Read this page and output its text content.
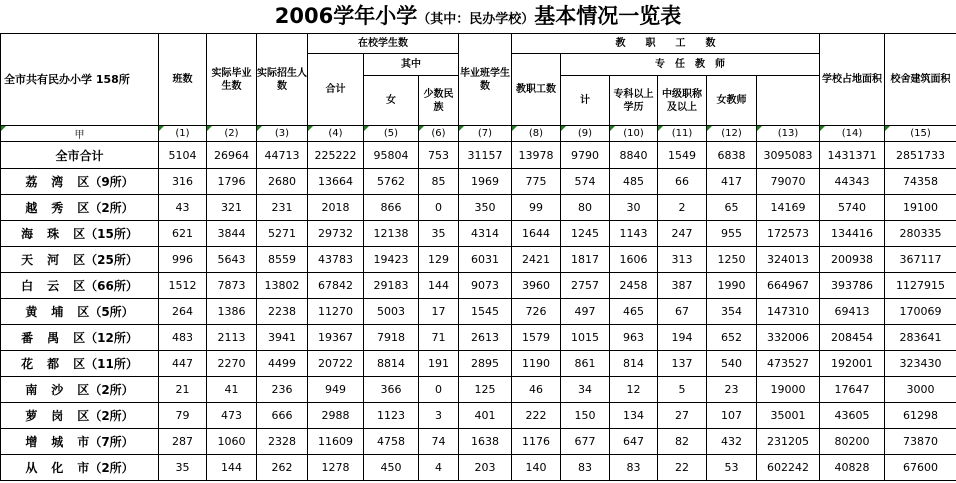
2006学年小学（其中：民办学校）基本情况一览表
全市共有民办小学 158所	班数	实际毕业生数	实际招生人数	在校学生数			毕业班学生数	教　　职　　工　　数						学校占地面积	校舍建筑面积	
				合计	其中			教职工数	专　任　教　师							
					女	少数民族			计	专科以上学历	中级职称及以上	女教师				
甲	(1)	(2)	(3)	(4)	(5)	(6)	(7)	(8)	(9)	(10)	(11)	(12)	(13)	(14)	(15)	
全市合计	5104	26964	44713	225222	95804	753	31157	13978	9790	8840	1549	6838	3095083	1431371	2851733	
荔湾区（9所）	316	1796	2680	13664	5762	85	1969	775	574	485	66	417	79070	44343	74358	
越秀区（2所）	43	321	231	2018	866	0	350	99	80	30	2	65	14169	5740	19100	
海珠区（15所）	621	3844	5271	29732	12138	35	4314	1644	1245	1143	247	955	172573	134416	280335	
天河区（25所）	996	5643	8559	43783	19423	129	6031	2421	1817	1606	313	1250	324013	200938	367117	
白云区（66所）	1512	7873	13802	67842	29183	144	9073	3960	2757	2458	387	1990	664967	393786	1127915	
黄埔区（5所）	264	1386	2238	11270	5003	17	1545	726	497	465	67	354	147310	69413	170069	
番禺区（12所）	483	2113	3941	19367	7918	71	2613	1579	1015	963	194	652	332006	208454	283641	
花都区（11所）	447	2270	4499	20722	8814	191	2895	1190	861	814	137	540	473527	192001	323430	
南沙区（2所）	21	41	236	949	366	0	125	46	34	12	5	23	19000	17647	3000	
萝岗区（2所）	79	473	666	2988	1123	3	401	222	150	134	27	107	35001	43605	61298	
增城市（7所）	287	1060	2328	11609	4758	74	1638	1176	677	647	82	432	231205	80200	73870	
从化市（2所）	35	144	262	1278	450	4	203	140	83	83	22	53	602242	40828	67600	
